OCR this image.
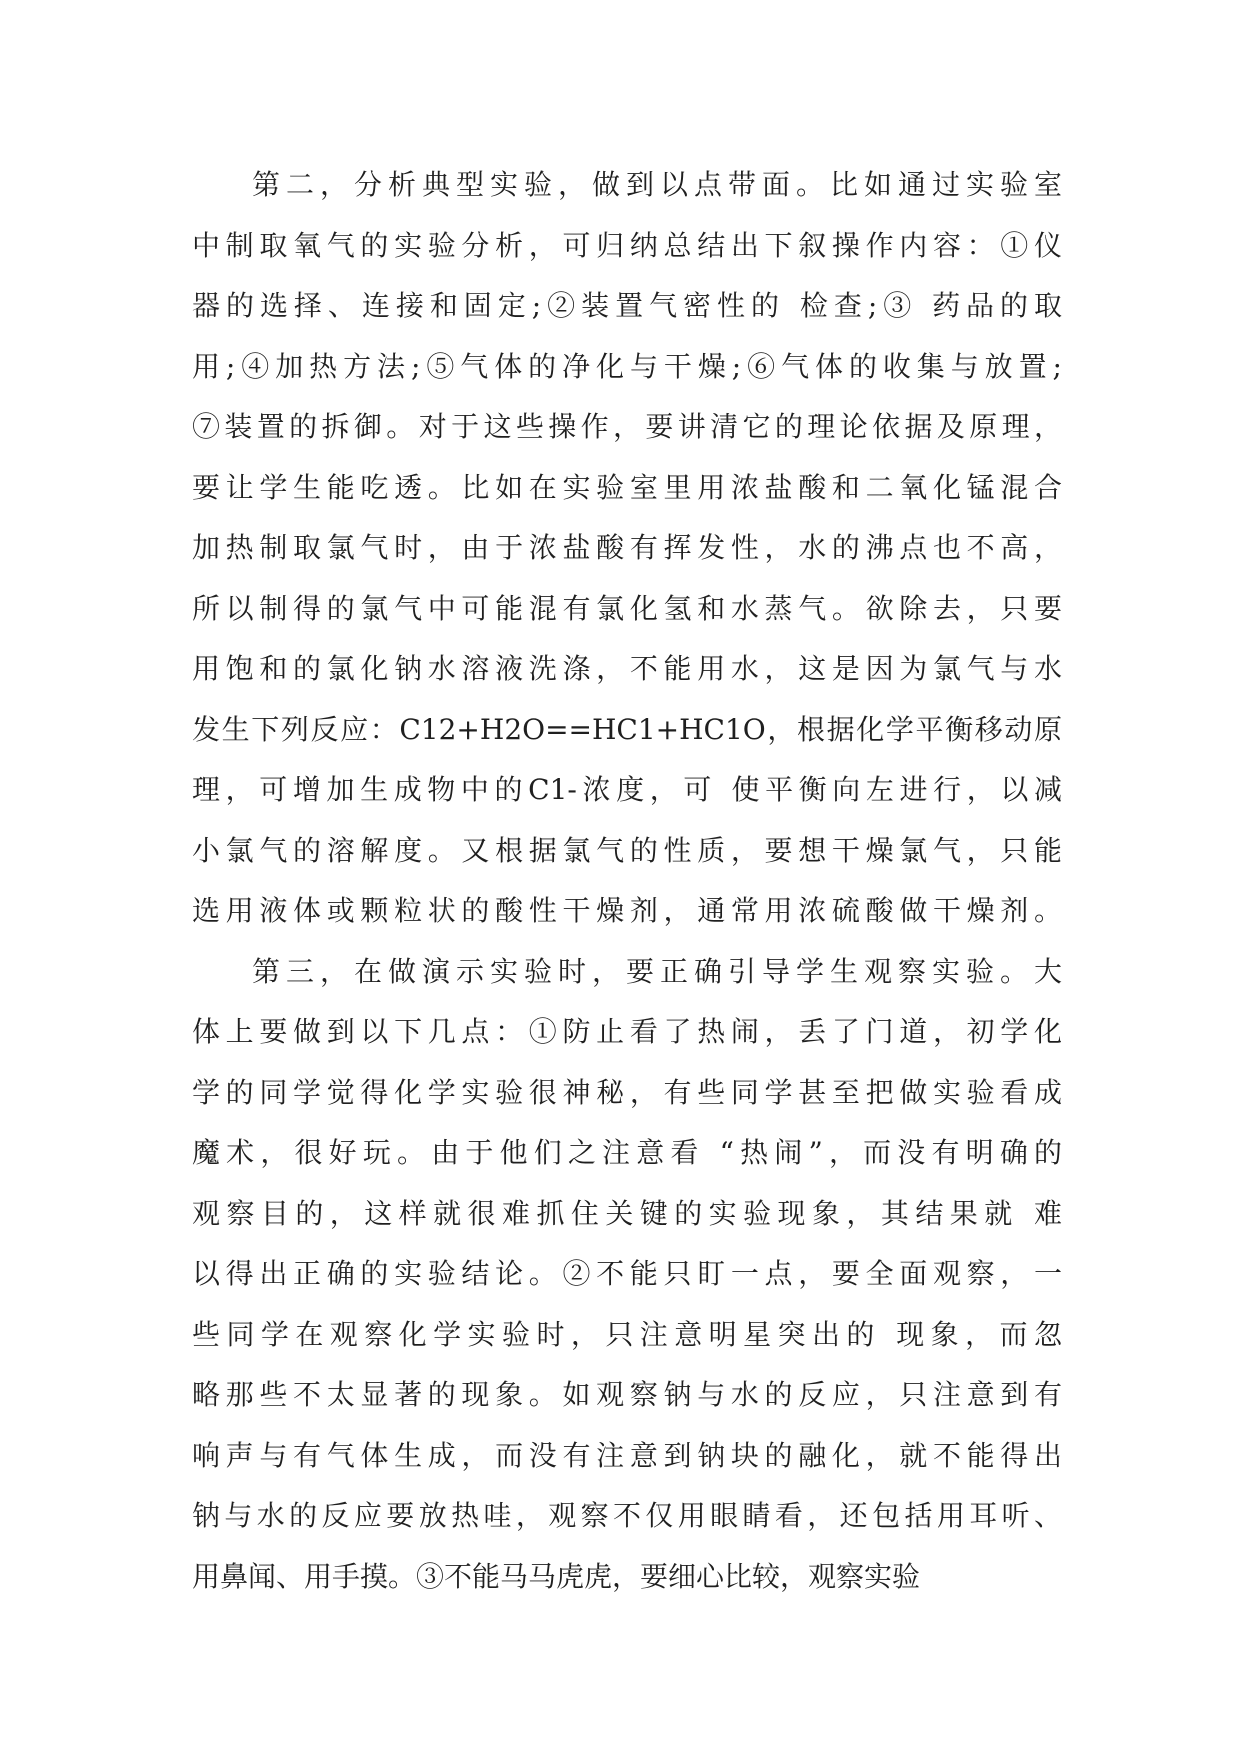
第二，分析典型实验，做到以点带面。比如通过实验室
中制取氧气的实验分析，可归纳总结出下叙操作内容：①仪
器的选择、连接和固定;②装置气密性的 检查;③ 药品的取
用;④加热方法;⑤气体的净化与干燥;⑥气体的收集与放置;
⑦装置的拆御。对于这些操作，要讲清它的理论依据及原理，
要让学生能吃透。比如在实验室里用浓盐酸和二氧化锰混合
加热制取氯气时，由于浓盐酸有挥发性，水的沸点也不高，
所以制得的氯气中可能混有氯化氢和水蒸气。欲除去，只要
用饱和的氯化钠水溶液洗涤，不能用水，这是因为氯气与水
发生下列反应：C12+H2O==HC1+HC1O，根据化学平衡移动原
理，可增加生成物中的C1-浓度，可 使平衡向左进行，以减
小氯气的溶解度。又根据氯气的性质，要想干燥氯气，只能
选用液体或颗粒状的酸性干燥剂，通常用浓硫酸做干燥剂。
第三，在做演示实验时，要正确引导学生观察实验。大
体上要做到以下几点：①防止看了热闹，丢了门道，初学化
学的同学觉得化学实验很神秘，有些同学甚至把做实验看成
魔术，很好玩。由于他们之注意看 “热闹”，而没有明确的
观察目的，这样就很难抓住关键的实验现象，其结果就 难
以得出正确的实验结论。②不能只盯一点，要全面观察，一
些同学在观察化学实验时，只注意明星突出的 现象，而忽
略那些不太显著的现象。如观察钠与水的反应，只注意到有
响声与有气体生成，而没有注意到钠块的融化，就不能得出
钠与水的反应要放热哇，观察不仅用眼睛看，还包括用耳听、
用鼻闻、用手摸。③不能马马虎虎，要细心比较，观察实验
